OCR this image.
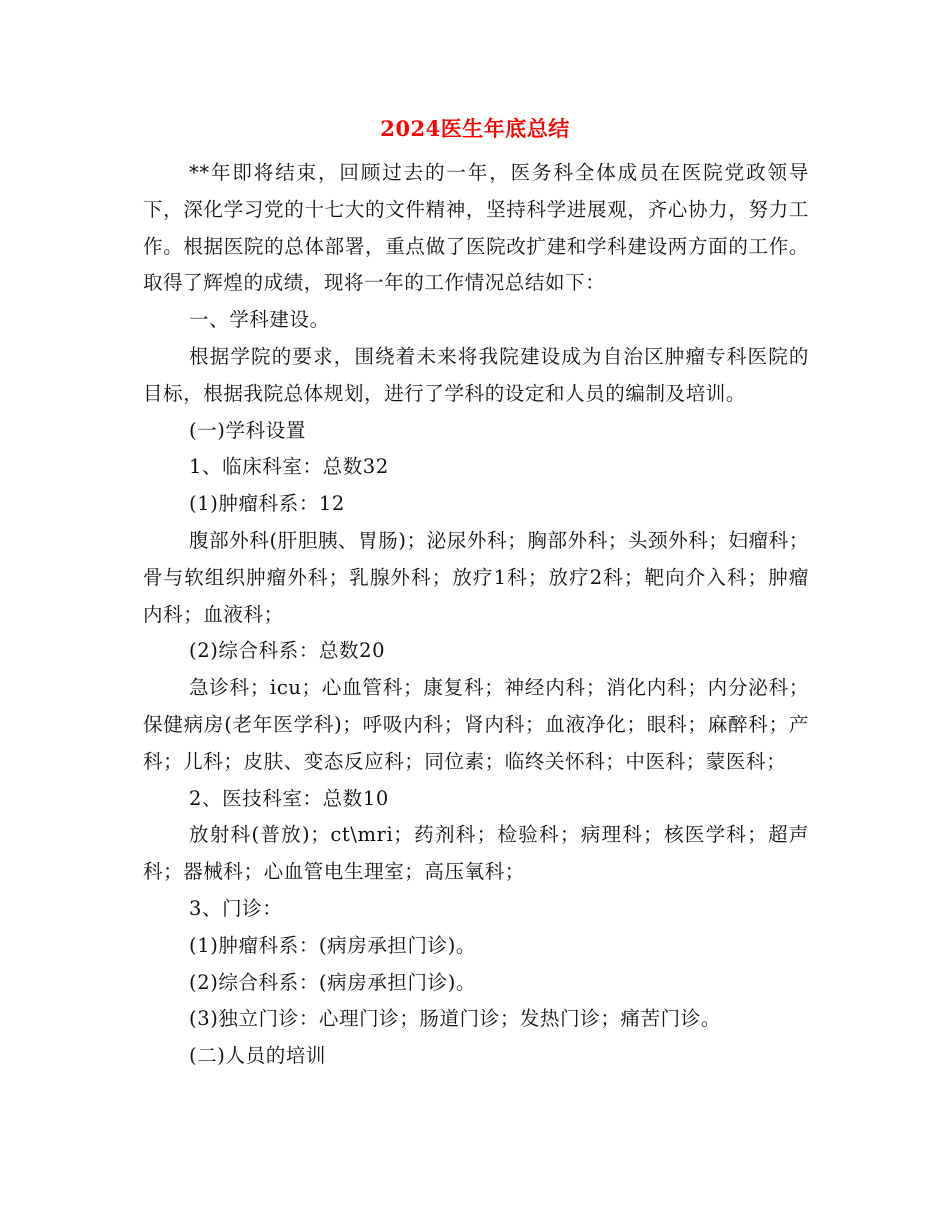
2024医生年底总结

**年即将结束，回顾过去的一年，医务科全体成员在医院党政领导下，深化学习党的十七大的文件精神，坚持科学进展观，齐心协力，努力工作。根据医院的总体部署，重点做了医院改扩建和学科建设两方面的工作。取得了辉煌的成绩，现将一年的工作情况总结如下：

一、学科建设。

根据学院的要求，围绕着未来将我院建设成为自治区肿瘤专科医院的目标，根据我院总体规划，进行了学科的设定和人员的编制及培训。

(一)学科设置

1、临床科室：总数32

(1)肿瘤科系：12

腹部外科(肝胆胰、胃肠)；泌尿外科；胸部外科；头颈外科；妇瘤科；骨与软组织肿瘤外科；乳腺外科；放疗1科；放疗2科；靶向介入科；肿瘤内科；血液科；

(2)综合科系：总数20

急诊科；icu；心血管科；康复科；神经内科；消化内科；内分泌科；保健病房(老年医学科)；呼吸内科；肾内科；血液净化；眼科；麻醉科；产科；儿科；皮肤、变态反应科；同位素；临终关怀科；中医科；蒙医科；

2、医技科室：总数10

放射科(普放)；ct\mri；药剂科；检验科；病理科；核医学科；超声科；器械科；心血管电生理室；高压氧科；

3、门诊：

(1)肿瘤科系：(病房承担门诊)。

(2)综合科系：(病房承担门诊)。

(3)独立门诊：心理门诊；肠道门诊；发热门诊；痛苦门诊。

(二)人员的培训
